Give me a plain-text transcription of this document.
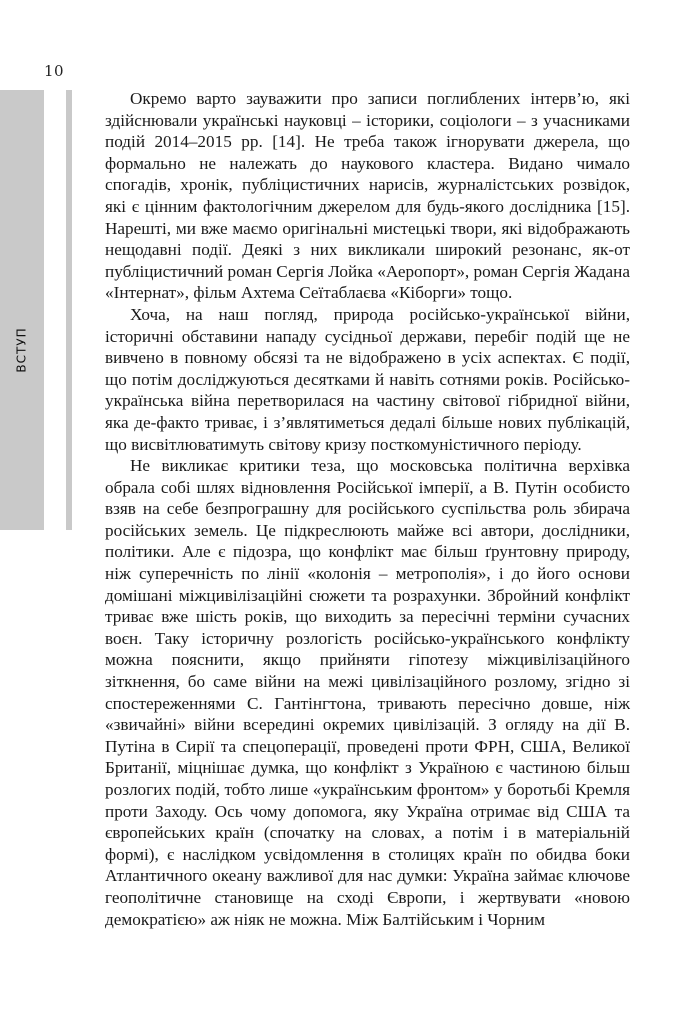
10
ВСТУП

Окремо варто зауважити про записи поглиблених інтерв’ю, які здійснювали українські науковці – історики, соціологи – з учасниками подій 2014–2015 рр. [14]. Не треба також ігнорувати джерела, що формально не належать до наукового кластера. Видано чимало спогадів, хронік, публіцистичних нарисів, журналістських розвідок, які є цінним фактологічним джерелом для будь-якого дослідника [15]. Нарешті, ми вже маємо оригінальні мистецькі твори, які відображають нещодавні події. Деякі з них викликали широкий резонанс, як-от публіцистичний роман Сергія Лойка «Аеропорт», роман Сергія Жадана «Інтернат», фільм Ахтема Сеїтаблаєва «Кіборги» тощо.

Хоча, на наш погляд, природа російсько-української війни, історичні обставини нападу сусідньої держави, перебіг подій ще не вивчено в повному обсязі та не відображено в усіх аспектах. Є події, що потім досліджуються десятками й навіть сотнями років. Російсько-українська війна перетворилася на частину світової гібридної війни, яка де-факто триває, і з’являтиметься дедалі більше нових публікацій, що висвітлюватимуть світову кризу посткомуністичного періоду.

Не викликає критики теза, що московська політична верхівка обрала собі шлях відновлення Російської імперії, а В. Путін особисто взяв на себе безпрограшну для російського суспільства роль збирача російських земель. Це підкреслюють майже всі автори, дослідники, політики. Але є підозра, що конфлікт має більш ґрунтовну природу, ніж суперечність по лінії «колонія – метрополія», і до його основи домішані міжцивілізаційні сюжети та розрахунки. Збройний конфлікт триває вже шість років, що виходить за пересічні терміни сучасних воєн. Таку історичну розлогість російсько-українського конфлікту можна пояснити, якщо прийняти гіпотезу міжцивілізаційного зіткнення, бо саме війни на межі цивілізаційного розлому, згідно зі спостереженнями С. Гантінгтона, тривають пересічно довше, ніж «звичайні» війни всередині окремих цивілізацій. З огляду на дії В. Путіна в Сирії та спецоперації, проведені проти ФРН, США, Великої Британії, міцнішає думка, що конфлікт з Україною є частиною більш розлогих подій, тобто лише «українським фронтом» у боротьбі Кремля проти Заходу. Ось чому допомога, яку Україна отримає від США та європейських країн (спочатку на словах, а потім і в матеріальній формі), є наслідком усвідомлення в столицях країн по обидва боки Атлантичного океану важливої для нас думки: Україна займає ключове геополітичне становище на сході Європи, і жертвувати «новою демократією» аж ніяк не можна. Між Балтійським і Чорним
